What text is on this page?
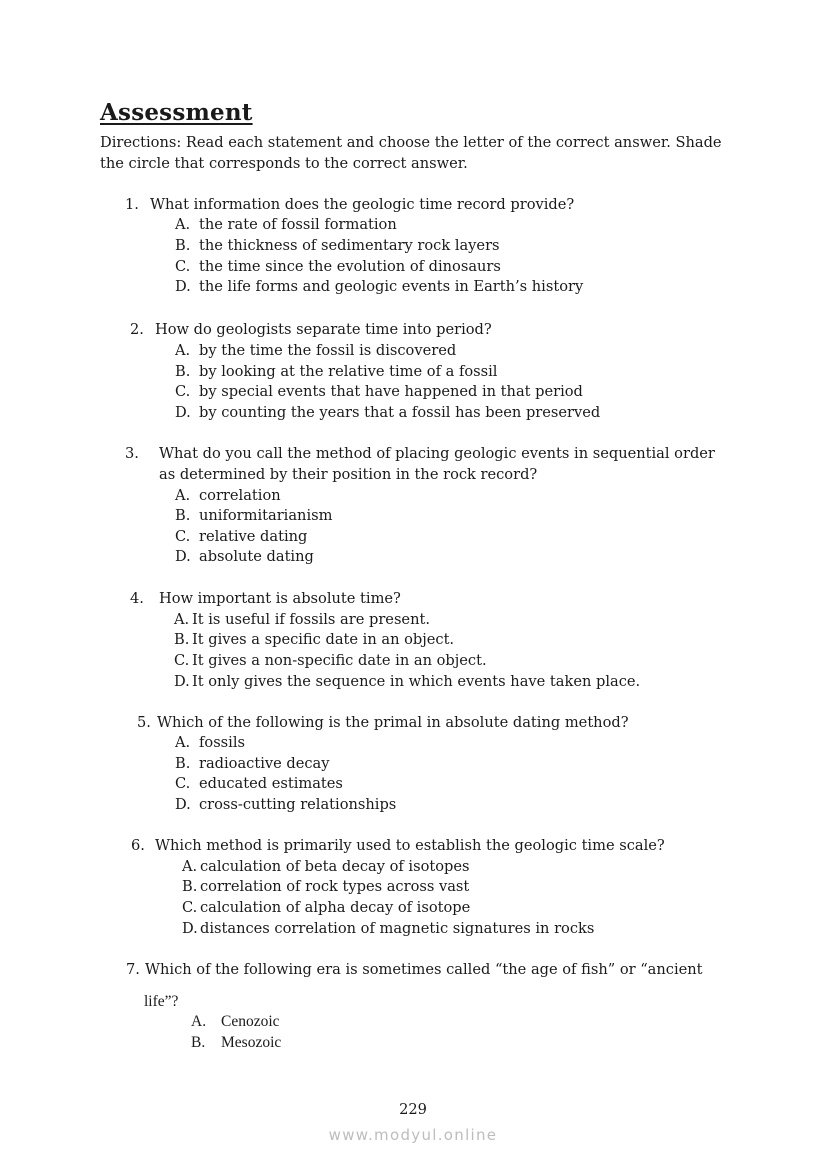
Assessment
Directions: Read each statement and choose the letter of the correct answer. Shade
the circle that corresponds to the correct answer.
1. What information does the geologic time record provide?
A. the rate of fossil formation
B. the thickness of sedimentary rock layers
C. the time since the evolution of dinosaurs
D. the life forms and geologic events in Earth’s history
2. How do geologists separate time into period?
A. by the time the fossil is discovered
B. by looking at the relative time of a fossil
C. by special events that have happened in that period
D. by counting the years that a fossil has been preserved
3. What do you call the method of placing geologic events in sequential order
as determined by their position in the rock record?
A. correlation
B. uniformitarianism
C. relative dating
D. absolute dating
4. How important is absolute time?
A. It is useful if fossils are present.
B. It gives a specific date in an object.
C. It gives a non-specific date in an object.
D. It only gives the sequence in which events have taken place.
5. Which of the following is the primal in absolute dating method?
A. fossils
B. radioactive decay
C. educated estimates
D. cross-cutting relationships
6. Which method is primarily used to establish the geologic time scale?
A. calculation of beta decay of isotopes
B. correlation of rock types across vast
C. calculation of alpha decay of isotope
D. distances correlation of magnetic signatures in rocks
7. Which of the following era is sometimes called “the age of fish” or “ancient
life”?
A. Cenozoic
B. Mesozoic
229
www.modyul.online
